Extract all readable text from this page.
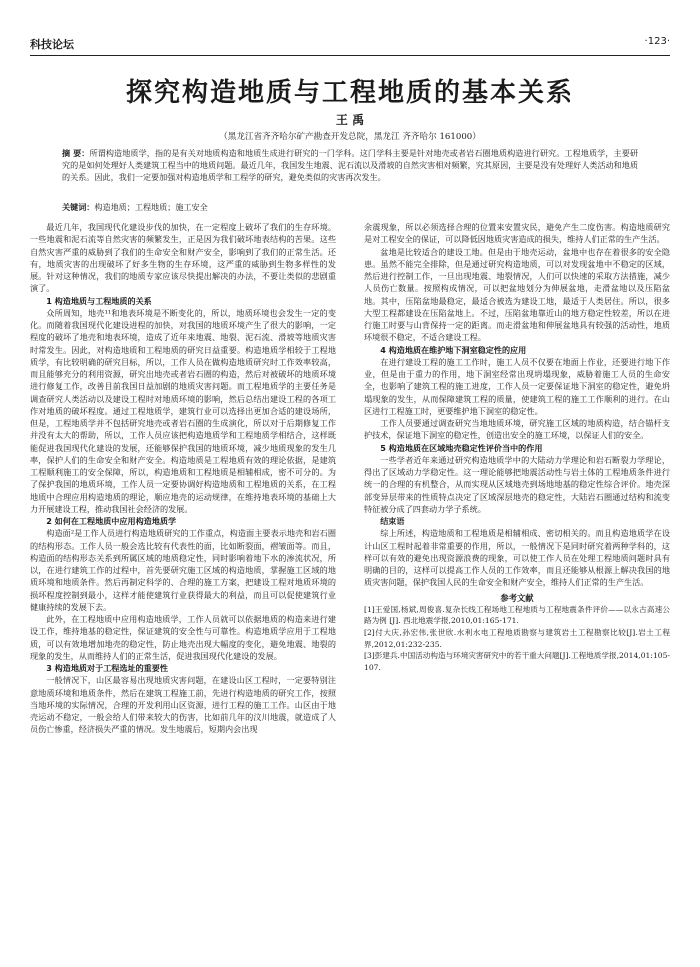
科技论坛	·123·
探究构造地质与工程地质的基本关系
王 禹
（黑龙江省齐齐哈尔矿产勘查开发总院，黑龙江 齐齐哈尔 161000）
摘 要：所谓构造地质学，指的是有关对地质构造和地质生成进行研究的一门学科。这门学科主要是针对地壳或者岩石圈地质构造进行研究。工程地质学，主要研究的是如何处理好人类建筑工程当中的地质问题。最近几年，我国发生地震、泥石流以及滑坡的自然灾害相对频繁，究其原因，主要是没有处理好人类活动和地质的关系。因此，我们一定要加强对构造地质学和工程学的研究，避免类似的灾害再次发生。
关键词：构造地质；工程地质；施工安全

最近几年，我国现代化建设步伐的加快，在一定程度上破坏了我们的生存环境。一些地震和泥石流等自然灾害的频繁发生，正是因为我们破坏地表结构的苦果。这些自然灾害严重的威胁到了我们的生命安全和财产安全，影响到了我们的正常生活。还有，地质灾害的出现破坏了好多生物的生存环境，这严重的威胁到生物多样性的发展。针对这种情况，我们的地质专家应该尽快提出解决的办法，不要让类似的悲剧重演了。

1 构造地质与工程地质的关系

众所周知，地壳¹¹和地表环境是不断变化的，所以，地质环境也会发生一定的变化。而随着我国现代化建设进程的加快，对我国的地质环境产生了很大的影响，一定程度的破坏了地壳和地表环境，造成了近年来地震、地裂、泥石流、滑坡等地质灾害时常发生。因此，对构造地质和工程地质的研究日益重要。构造地质学相较于工程地质学，有比较明确的研究目标，所以，工作人员在做构造地质研究时工作效率较高，而且能够充分的利用资源，研究出地壳或者岩石圈的构造，然后对被破坏的地质环境进行修复工作，改善目前我国日益加剧的地质灾害问题。而工程地质学的主要任务是调查研究人类活动以及建设工程时对地质环境的影响，然后总结出建设工程的各项工作对地质的破坏程度。通过工程地质学，建筑行业可以选择出更加合适的建设场所，但是，工程地质学并不包括研究地壳或者岩石圈的生成演化，所以对于后期修复工作并没有太大的帮助，所以，工作人员应该把构造地质学和工程地质学相结合，这样既能促进我国现代化建设的发展，还能够保护我国的地质环境，减少地质现象的发生几率，保护人们的生命安全和财产安全。构造地质是工程地质有效的理论依据，是建筑工程顺利施工的安全保障，所以，构造地质和工程地质是相辅相成，密不可分的。为了保护我国的地质环境，工作人员一定要协调好构造地质和工程地质的关系，在工程地质中合理应用构造地质的理论，顺应地壳的运动规律，在维持地表环境的基础上大力开展建设工程，推动我国社会经济的发展。

2 如何在工程地质中应用构造地质学

构造面²是工作人员进行构造地质研究的工作重点，构造面主要表示地壳和岩石圈的结构形态。工作人员一般会选比较有代表性的面，比如断裂面，褶皱面等。而且，构造面的结构形态关系到所属区域的地质稳定性，同时影响着地下水的渗流状况，所以，在进行建筑工作的过程中，首先要研究施工区域的构造地质，掌握施工区域的地质环境和地质条件。然后再制定科学的、合理的施工方案，把建设工程对地质环境的损坏程度控制到最小，这样才能使建筑行业获得最大的利益，而且可以促使建筑行业健康持续的发展下去。

此外，在工程地质中应用构造地质学，工作人员就可以依据地质的构造来进行建设工作，维持地基的稳定性，保证建筑的安全性与可靠性。构造地质学应用于工程地质，可以有效地增加地壳的稳定性，防止地壳出现大幅度的变化，避免地震、地裂的现象的发生，从而维持人们的正常生活，促进我国现代化建设的发展。

3 构造地质对于工程选址的重要性

一般情况下，山区最容易出现地质灾害问题，在建设山区工程时，一定要特别注意地质环境和地质条件，然后在建筑工程施工前，先进行构造地质的研究工作，按照当地环境的实际情况，合理的开发利用山区资源，进行工程的施工工作。山区由于地壳运动不稳定，一般会给人们带来较大的伤害，比如前几年的汶川地震，就造成了人员伤亡惨重，经济损失严重的情况。发生地震后，短期内会出现

余震现象，所以必须选择合理的位置来安置灾民，避免产生二度伤害。构造地质研究是对工程安全的保证，可以降低因地质灾害造成的损失，维持人们正常的生产生活。

盆地是比较适合的建设工地。但是由于地壳运动，盆地中也存在着很多的安全隐患。虽然不能完全排除，但是通过研究构造地质，可以对发现盆地中不稳定的区域，然后进行控制工作，一旦出现地震、地裂情况，人们可以快速的采取方法措施，减少人员伤亡数量。按照构成情况，可以把盆地划分为伸展盆地，走滑盆地以及压陷盆地。其中，压陷盆地最稳定，最适合被选为建设工地，最适于人类居住。所以，很多大型工程都建设在压陷盆地上。不过，压陷盆地靠近山的地方稳定性较差，所以在进行施工时要与山背保持一定的距离。而走滑盆地和伸展盆地具有较强的活动性，地质环境很不稳定，不适合建设工程。

4 构造地质在维护地下洞室稳定性的应用

在进行建设工程的施工工作时，施工人员不仅要在地面上作业，还要进行地下作业，但是由于重力的作用，地下洞室经常出现坍塌现象，威胁着施工人员的生命安全，也影响了建筑工程的施工进度，工作人员一定要保证地下洞室的稳定性，避免坍塌现象的发生，从而保障建筑工程的质量，使建筑工程的施工工作顺利的进行。在山区进行工程施工时，更要维护地下洞室的稳定性。

工作人员要通过调查研究当地地质环境，研究施工区域的地质构造，结合锚杆支护技术，保证地下洞室的稳定性，创造出安全的施工环境，以保证人们的安全。

5 构造地质在区域地壳稳定性评价当中的作用

一些学者近年来通过研究构造地质学中的大陆动力学理论和岩石断裂力学理论，得出了区域动力学稳定性。这一理论能够把地震活动性与岩土体的工程地质条件进行统一的合理的有机整合，从而实现从区域地壳到场地地基的稳定性综合评价。地壳深部变异层带来的性质特点决定了区域深层地壳的稳定性，大陆岩石圈通过结构和流变特征被分成了四套动力学子系统。

结束语

综上所述，构造地质和工程地质是相辅相成、密切相关的。而且构造地质学在设计山区工程时起着非常重要的作用，所以，一般情况下是同时研究着两种学科的，这样可以有效的避免出现资源浪费的现象，可以使工作人员在处理工程地质问题时具有明确的目的，这样可以提高工作人员的工作效率，而且还能够从根源上解决我国的地质灾害问题，保护我国人民的生命安全和财产安全，维持人们正常的生产生活。

参考文献
[1]王爱国,杨斌,周俊喜.复杂长线工程场地工程地质与工程地震条件评价——以永古高速公路为例 [J]. 西北地震学报,2010,01:165-171.
[2]付大庆,孙宏伟,张世欣.水利水电工程地质勘察与建筑岩土工程勘察比较[J].岩土工程界,2012,01:232-235.
[3]彭建兵.中国活动构造与环境灾害研究中的若干重大问题[J].工程地质学报,2014,01:105-107.
